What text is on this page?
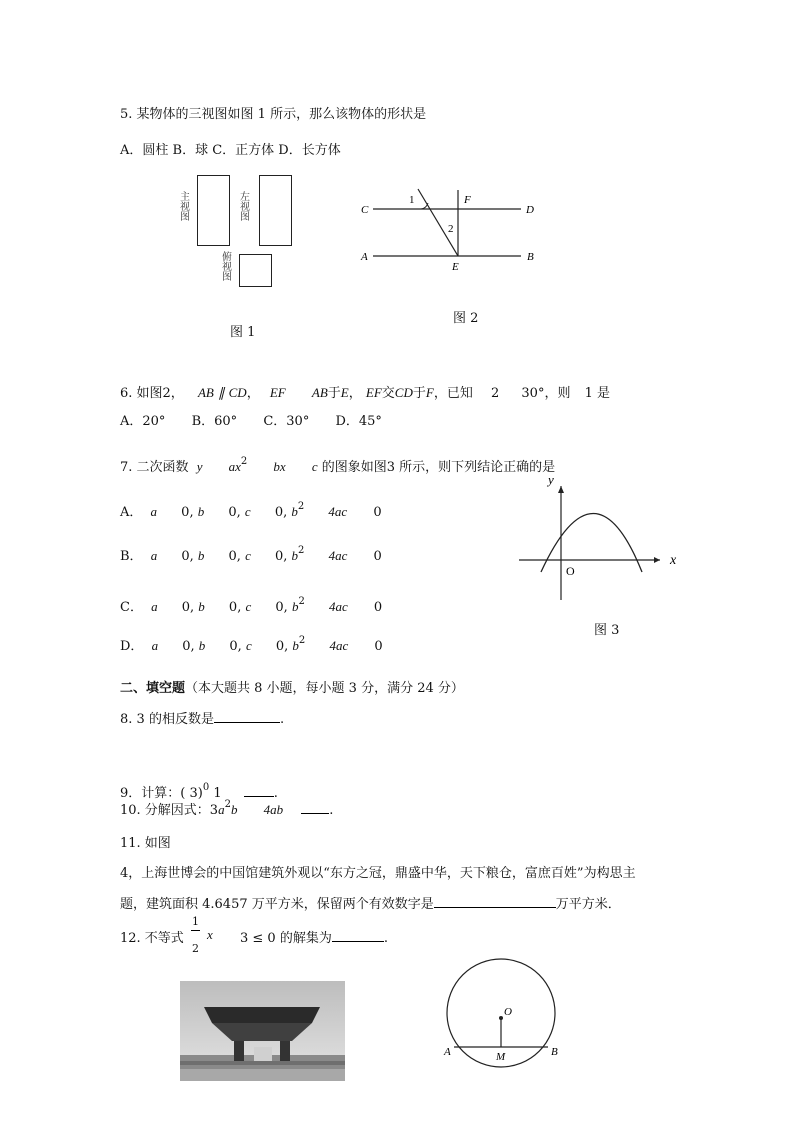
5. 某物体的三视图如图 1 所示，那么该物体的形状是
A．圆柱 B．球 C．正方体 D．长方体
主视图
左视图
俯视图
图 1
C	D
A	B
E
F
1
2
图 2
6. 如图2， AB ∥ CD， EF AB于E， EF交CD于F，已知 2 30°，则 1 是
A．20° B．60° C．30° D．45°
7. 二次函数 y $ax^2$ bx c 的图象如图3 所示，则下列结论正确的是
A． a 0, b 0, c 0, $b^2$ 4ac 0
B． a 0, b 0, c 0, $b^2$ 4ac 0
C． a 0, b 0, c 0, $b^2$ 4ac 0
D． a 0, b 0, c 0, $b^2$ 4ac 0
y
x
O
图 3
二、填空题（本大题共 8 小题，每小题 3 分，满分 24 分）
8. 3 的相反数是	.
9．计算：( 3)$^0$ 1	.
10. 分解因式：$3a^2b$ 4ab	.
11. 如图
4，上海世博会的中国馆建筑外观以“东方之冠，鼎盛中华，天下粮仓，富庶百姓”为构思主
题，建筑面积 4.6457 万平方米，保留两个有效数字是	万平方米．
12. 不等式
1
2
x 3 ≤ 0 的解集为	.
O
A	M	B
